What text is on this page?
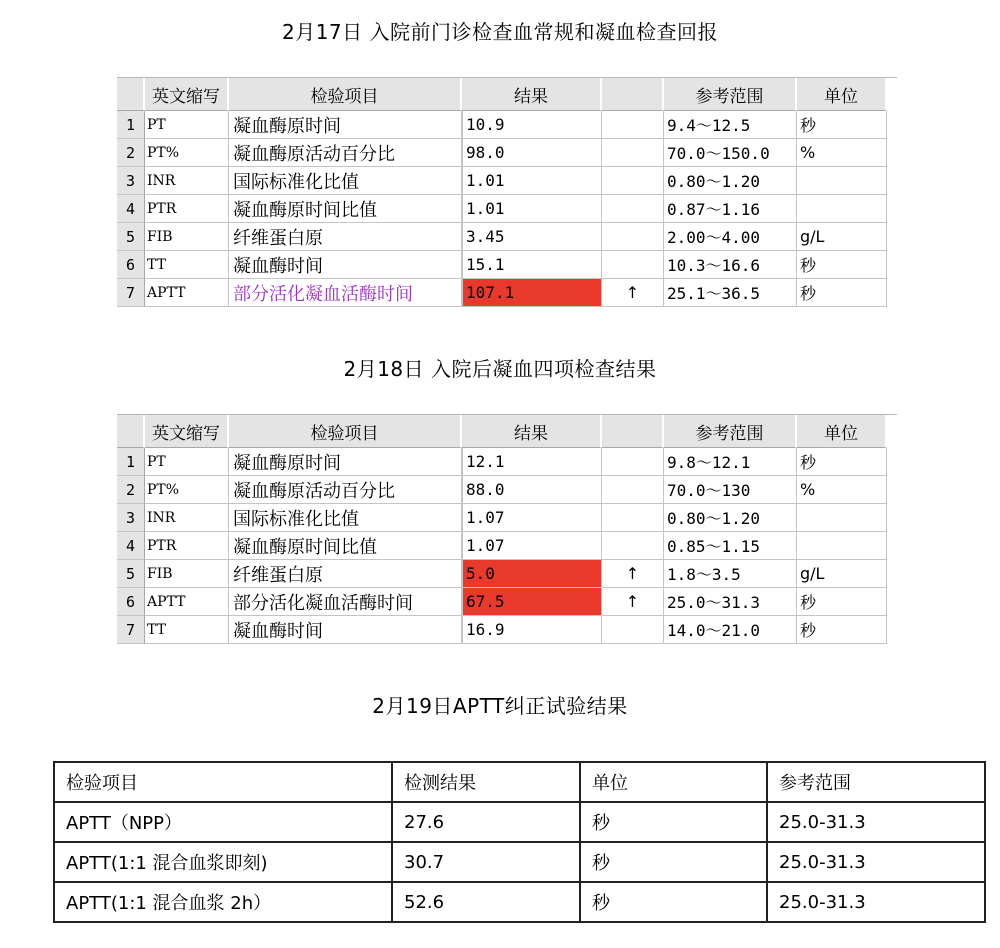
2月17日 入院前门诊检查血常规和凝血检查回报
英文缩写	检验项目	结果	参考范围	单位
1 PT	凝血酶原时间	10.9	9.4～12.5	秒
2 PT%	凝血酶原活动百分比	98.0	70.0～150.0	%
3 INR	国际标准化比值	1.01	0.80～1.20
4 PTR	凝血酶原时间比值	1.01	0.87～1.16
5 FIB	纤维蛋白原	3.45	2.00～4.00	g/L
6 TT	凝血酶时间	15.1	10.3～16.6	秒
7 APTT	部分活化凝血活酶时间	107.1	↑	25.1～36.5	秒
2月18日 入院后凝血四项检查结果
英文缩写	检验项目	结果	参考范围	单位
1 PT	凝血酶原时间	12.1	9.8～12.1	秒
2 PT%	凝血酶原活动百分比	88.0	70.0～130	%
3 INR	国际标准化比值	1.07	0.80～1.20
4 PTR	凝血酶原时间比值	1.07	0.85～1.15
5 FIB	纤维蛋白原	5.0	↑	1.8～3.5	g/L
6 APTT	部分活化凝血活酶时间	67.5	↑	25.0～31.3	秒
7 TT	凝血酶时间	16.9	14.0～21.0	秒
2月19日APTT纠正试验结果
检验项目	检测结果	单位	参考范围
APTT（NPP）	27.6	秒	25.0-31.3
APTT(1:1 混合血浆即刻)	30.7	秒	25.0-31.3
APTT(1:1 混合血浆 2h）	52.6	秒	25.0-31.3
